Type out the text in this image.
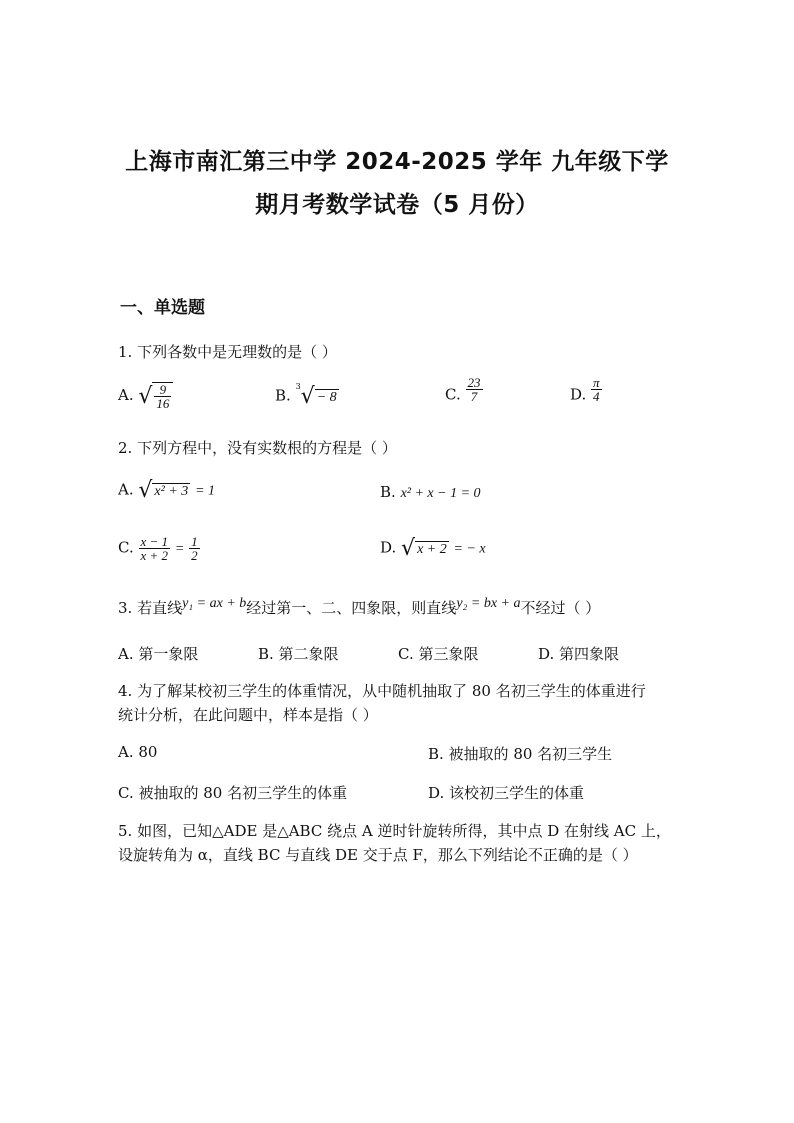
上海市南汇第三中学 2024-2025 学年 九年级下学
期月考数学试卷（5 月份）
一、单选题
1. 下列各数中是无理数的是（ ）
A. √ $\frac{9}{16}$	B. $^3$√ − 8	C. $\frac{23}{7}$	D. $\frac{\pi}{4}$
2. 下列方程中，没有实数根的方程是（ ）
A. √ x² + 3 = 1	B. x² + x − 1 = 0
C. $\frac{x - 1}{x + 2} = \frac{1}{2}$	D. √ x + 2 = − x
3. 若直线y₁ = ax + b经过第一、二、四象限，则直线y₂ = bx + a不经过（ ）
A. 第一象限	B. 第二象限	C. 第三象限	D. 第四象限
4. 为了解某校初三学生的体重情况，从中随机抽取了 80 名初三学生的体重进行
统计分析，在此问题中，样本是指（ ）
A. 80	B. 被抽取的 80 名初三学生
C. 被抽取的 80 名初三学生的体重	D. 该校初三学生的体重
5. 如图，已知△ADE 是△ABC 绕点 A 逆时针旋转所得，其中点 D 在射线 AC 上，
设旋转角为 α，直线 BC 与直线 DE 交于点 F，那么下列结论不正确的是（ ）
